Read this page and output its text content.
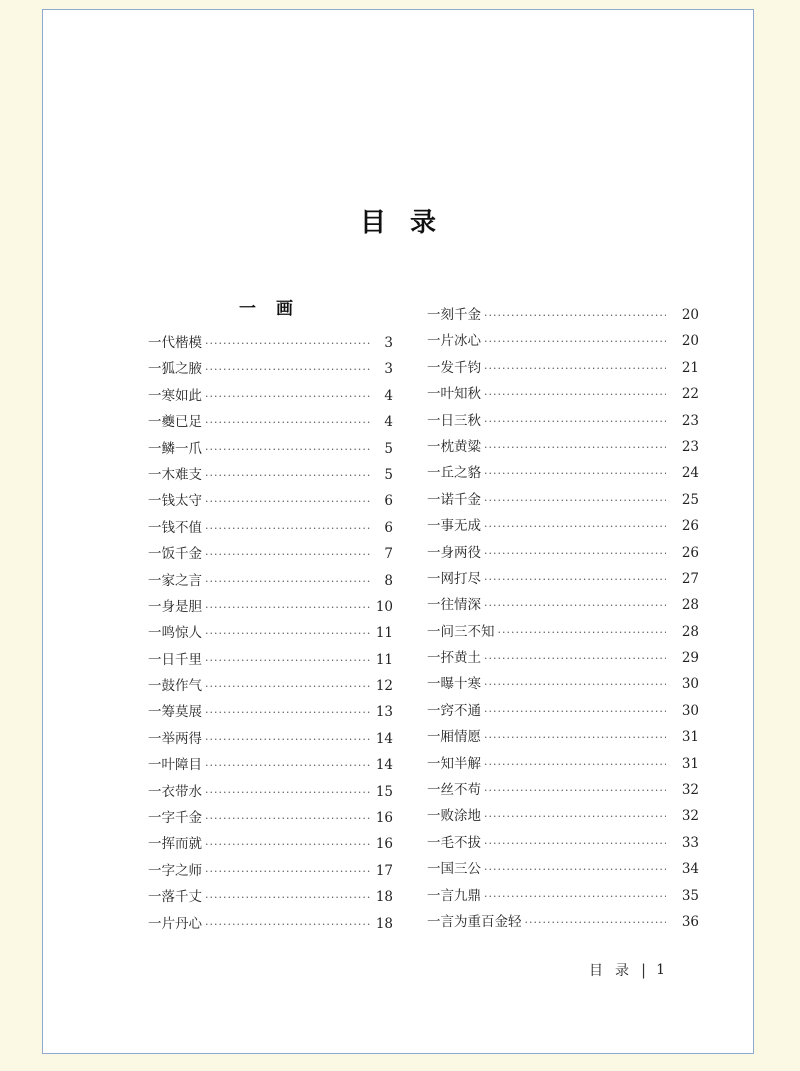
目录
一画
一代楷模 ·····	3
一狐之腋 ·····	3
一寒如此 ·····	4
一夔已足 ·····	4
一鳞一爪 ·····	5
一木难支 ·····	5
一钱太守 ·····	6
一钱不值 ·····	6
一饭千金 ·····	7
一家之言 ·····	8
一身是胆 ·····	10
一鸣惊人 ·····	11
一日千里 ·····	11
一鼓作气 ·····	12
一筹莫展 ·····	13
一举两得 ·····	14
一叶障目 ·····	14
一衣带水 ·····	15
一字千金 ·····	16
一挥而就 ·····	16
一字之师 ·····	17
一落千丈 ·····	18
一片丹心 ·····	18
一刻千金 ·····	20
一片冰心 ·····	20
一发千钧 ·····	21
一叶知秋 ·····	22
一日三秋 ·····	23
一枕黄粱 ·····	23
一丘之貉 ·····	24
一诺千金 ·····	25
一事无成 ·····	26
一身两役 ·····	26
一网打尽 ·····	27
一往情深 ·····	28
一问三不知 ·····	28
一抔黄土 ·····	29
一曝十寒 ·····	30
一窍不通 ·····	30
一厢情愿 ·····	31
一知半解 ·····	31
一丝不苟 ·····	32
一败涂地 ·····	32
一毛不拔 ·····	33
一国三公 ·····	34
一言九鼎 ·····	35
一言为重百金轻 ·····	36
目录 | 1
